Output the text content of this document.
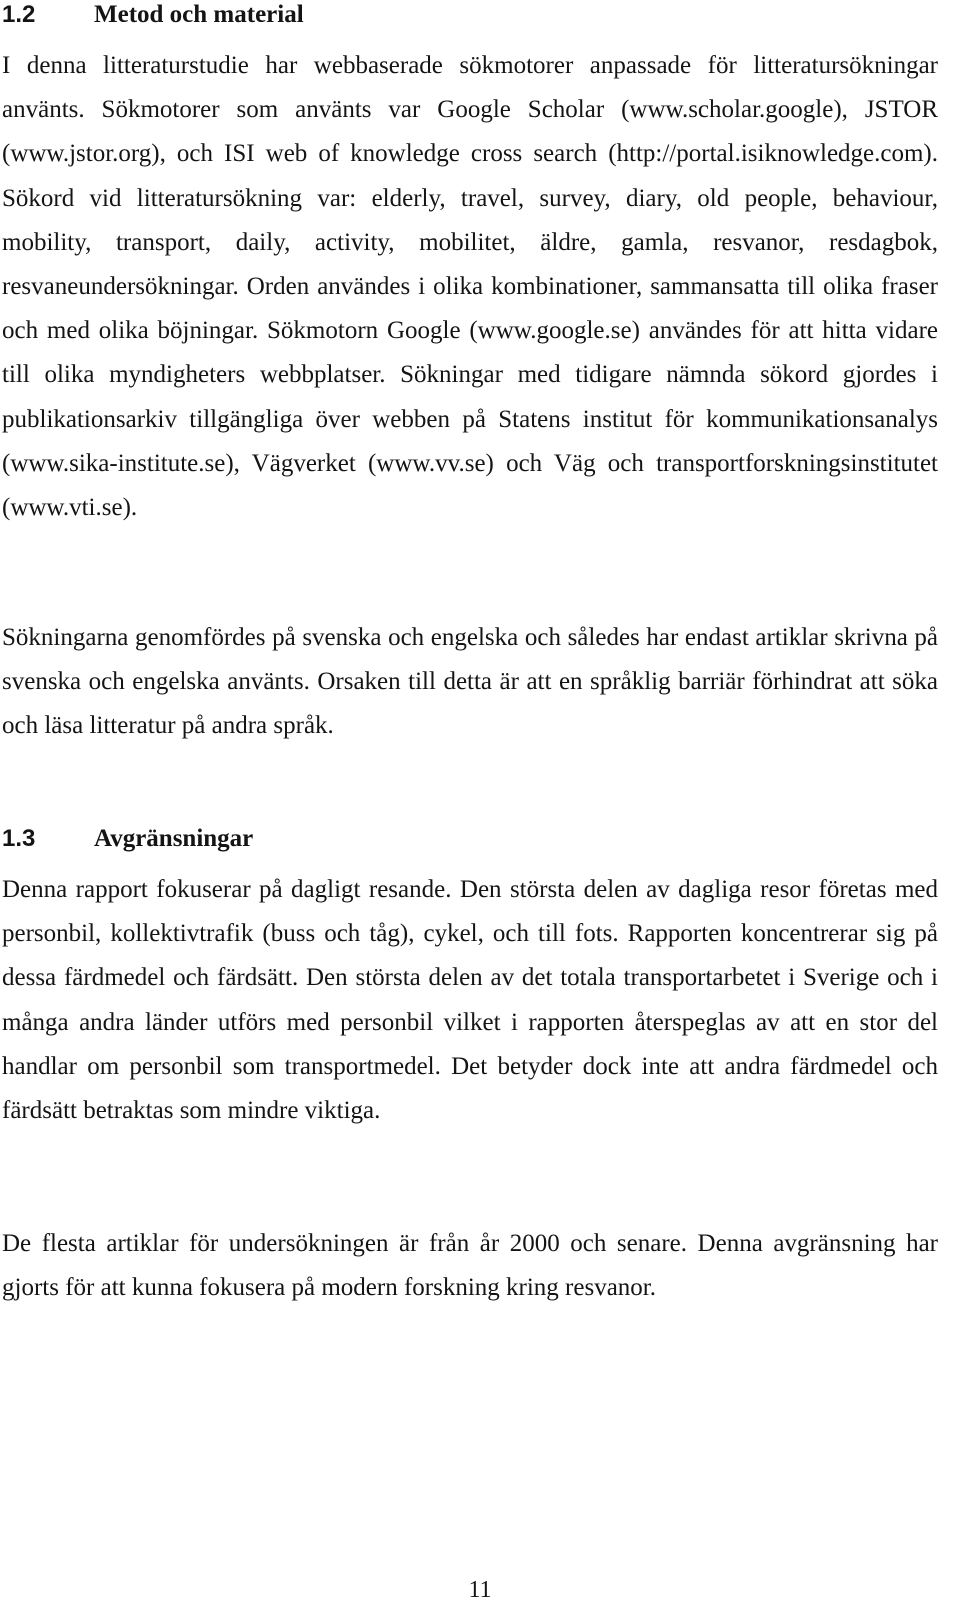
1.2 Metod och material

I denna litteraturstudie har webbaserade sökmotorer anpassade för litteratursökningar använts. Sökmotorer som använts var Google Scholar (www.scholar.google), JSTOR (www.jstor.org), och ISI web of knowledge cross search (http://portal.isiknowledge.com). Sökord vid litteratursökning var: elderly, travel, survey, diary, old people, behaviour, mobility, transport, daily, activity, mobilitet, äldre, gamla, resvanor, resdagbok, resvaneundersökningar. Orden användes i olika kombinationer, sammansatta till olika fraser och med olika böjningar. Sökmotorn Google (www.google.se) användes för att hitta vidare till olika myndigheters webbplatser. Sökningar med tidigare nämnda sökord gjordes i publikationsarkiv tillgängliga över webben på Statens institut för kommunikationsanalys (www.sika-institute.se), Vägverket (www.vv.se) och Väg och transportforskningsinstitutet (www.vti.se).

Sökningarna genomfördes på svenska och engelska och således har endast artiklar skrivna på svenska och engelska använts. Orsaken till detta är att en språklig barriär förhindrat att söka och läsa litteratur på andra språk.

1.3 Avgränsningar

Denna rapport fokuserar på dagligt resande. Den största delen av dagliga resor företas med personbil, kollektivtrafik (buss och tåg), cykel, och till fots. Rapporten koncentrerar sig på dessa färdmedel och färdsätt. Den största delen av det totala transportarbetet i Sverige och i många andra länder utförs med personbil vilket i rapporten återspeglas av att en stor del handlar om personbil som transportmedel. Det betyder dock inte att andra färdmedel och färdsätt betraktas som mindre viktiga.

De flesta artiklar för undersökningen är från år 2000 och senare. Denna avgränsning har gjorts för att kunna fokusera på modern forskning kring resvanor.

11
